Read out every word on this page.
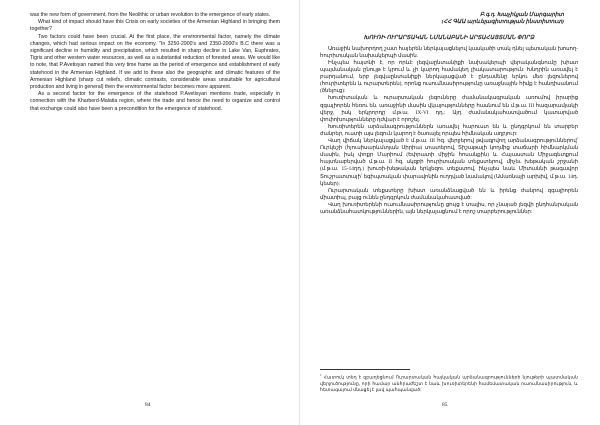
was the new form of government, from the Neolithic or urban revolution to the emergence of early states.

What kind of impact should have this Crisis on early societies of the Armenian Highland in bringing them together?

Two factors could have been crucial. At the first place, the environmental factor, namely the climate changes, which had serious impact on the economy. "In 3250-2900's and 2350-2000's B.C there was a significant decline in humidity and precipitation, which resulted in sharp decline in Lake Van, Euphrates, Tigris and other western water resources, as well as a substantial reduction of forested areas. We would like to note, that P.Avetisyan named this very time frame as the period of emergence and establishment of early statehood in the Armenian Highland. If we add to these also the geographic and climatic features of the Armenian Highland (sharp cut reliefs, climatic contrasts, considerable areas unsuitable for agricultural production and living in general) then the environmental factor becomes more apparent.

As a second factor for the emergence of the statehood P.Avetisyan mentions trade, especially in connection with the Kharberd-Malatia region, where the trade and hence the need to organize and control that exchange could also have been a precondition for the emergence of statehood.

84

Բ.գ.դ. Խաչիկյան Մարգարիտ

(ՀՀ ԳԱԱ արևելագիտության ինստիտուտ)

ԽՈՒՌԻ-ՈՒՐԱՐՏԱԿԱՆ ՆՄԱՆԱԲԱՆԻ ԱՐՏԱՀԱՅՏՄԱՆ ՓՈՐՁ

Առաջին նախորդող շատ հայերեն ներկայացնելով կասկածի տակ դնել պետական խոսող-հուրիտական նախակերպի մասին.

Ինչպես հայտնի է, որ որևէ լեզվաընտանիքի նախակերպի վերականգնումը խիստ պայմանական ընույթ է կրում և չի կարող համակեղ լիակատարություն: Խնդրին առավել է բարդանում, երբ լեզվաընտանիքի ներկայացված է ընդամենը երկու մեռ լեզուներով (հուրիտերեն և ուրարտերեն), որոնց ուսումնասիրությունը առաջնային հիմք է հանդիսանում (ծնելուց):

Խուռիտական և ուրարտական լեզուները ժամանակագրական առումով իրարից զգալիորեն հեռու են. առաջինի մասին վկայությունները հասնում են մ.թ.ա. III հազարամյակի վերջ, իսկ երկրորդը մ.թ.ա. IX-VI դդ.: Այդ ժամանակահատվածում կատարված փոփոխությունները դժվար է որոշել.

Խուռիտերեն արձանագրություններն առավել հարուստ են և ընդգրկում են տարբեր ժանրեր, ուստի այս լեզուն կարող է ծառայել որպես հիմնական աղբյուր:

Վաղ վիճակ ներկայացված է մ.թ.ա. III հզ. վերջերով թվագրվող արձանագրություններով՝ Ուրկեշի (հյուսիսարևմտյան Սիրիա) տատերով, Տիշաթալի կողմից տաճարի հիմնարկման մասին, իսկ փոքր Մարիում (Եփրատի միջին հոսանքին) և Հայաստան Միջագետքում հայտնաբերված մ.թ.ա. II հզ. սկզբի հուրիտական տեքստերով, միչեւ խեթական շրջանի (մ.թ.ա. 15-14դդ.) խուռի-խեթական երկլեզու տեքստով, ինչպես նաև Միտաննի թագավոր Տուշրատտայի՝ եգիպտական փարավոնին ուղղված նամակով (Ամառնայի արխիվ, մ.թ.ա. 14դ. կեսեր):

Ուրարտական տեքստերը խիստ առանձնացված են և իրենց ժանրով զգալիորեն միատիպ, բայց ունեն ընդգրկուն ժամանակահատված:

Վաղ խուռիտերենի ուսումնասիրությունը ցույց է տալիս, որ չնայած լեզվի ընդհանրական առանձնահատկություններին, այն ներկայացնում է որոշ տարբերություններ:

$^1$Հատուկ տեղ է զբաղեցնում Ուրարտական հայկական արձանագրությունների նյութերի պատմական վերլուծությունը, որի համար անհրաժեշտ է նաև խուռիտերենի համեմատական ուսումնասիրություն, և հետագայում մնացել է լավ պահպանված:

85
